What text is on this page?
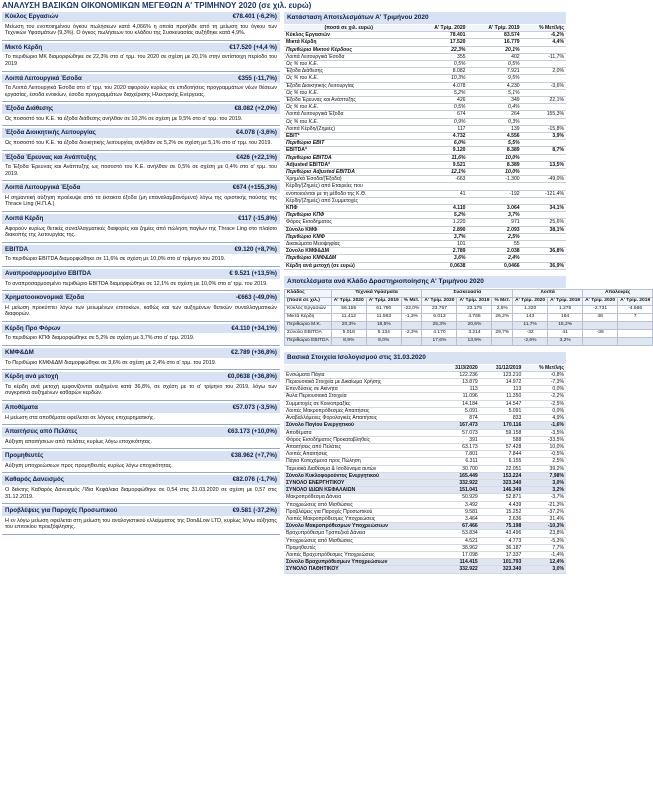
ΑΝΑΛΥΣΗ ΒΑΣΙΚΩΝ ΟΙΚΟΝΟΜΙΚΩΝ ΜΕΓΕΘΩΝ Α' ΤΡΙΜΗΝΟΥ 2020 (σε χιλ. ευρώ)
Κύκλος Εργασιών	€78.401 (-6,2%)
Μείωση του ενοποιημένου όγκου πωλήσεων κατά 4,066% η οποία προήλθε από τη μείωση του όγκου των Τεχνικών Υφασμάτων (9,3%). Ο όγκος πωλήσεων του κλάδου της Συσκευασίας αυξήθηκε κατά 4,9%.
Μικτό Κέρδη	€17.520 (+4,4 %)
Το περιθώριο ΜΚ διαμορφώθηκε σε 22,3% στο α' τρμ. του 2020 σε σχέση με 20,1% στην αντίστοιχη περίοδο του 2019
Λοιπά Λειτουργικά Έσοδα	€355 (-11,7%)
Τα Λοιπά Λειτουργικά Έσοδα στο α' τρμ. του 2020 αφορούν κυρίως σε επιδοτήσεις προγραμμάτων νέων θέσεων εργασίας, έσοδα ενοικίων, έσοδα προγραμμάτων διαχείρισης Ηλεκτρικής Ενέργειας.
Έξοδα Διάθεσης	€8.082 (+2,0%)
Ως ποσοστό του Κ.Ε. τα έξοδα διάθεσης ανήλθαν σε 10,3% σε σχέση με 9,5% στο α' τρμ. του 2019.
Έξοδα Διοικητικής Λειτουργίας	€4.078 (-3,6%)
Ως ποσοστό του Κ.Ε. τα έξοδα διοικητικής λειτουργίας ανήλθαν σε 5,2% σε σχέση με 5,1% στο α' τρμ. του 2019.
Έξοδα Έρευνας και Ανάπτυξης	€426 (+22,1%)
Τα Έξοδα Έρευνας και Ανάπτυξης ως ποσοστό του Κ.Ε. ανήλθαν σε 0,5% σε σχέση με 0,4% στο α' τρμ. του 2019.
Λοιπά Λειτουργικά Έξοδα	€674 (+155,3%)
Η σημαντική αύξηση προέκυψε από τα έκτακτα έξοδα (μη επαναλαμβανόμενα) λόγω της οριστικής παύσης της Thrace Ling (Η.Π.Α.)
Λοιπά Κέρδη	€117 (-15,8%)
Αφορούν κυρίως θετικές συναλλαγματικές διαφορές και ζημίες από πώληση παγίων της Thrace Ling στο πλαίσιο διακοπής της λειτουργίας της.
EBITDA	€9.120 (+8,7%)
Το περιθώριο EBITDA διαμορφώθηκε σε 11,6% σε σχέση με 10,0% στο α' τρίμηνο του 2019.
Αναπροσαρμοσμένο EBITDA	€ 9.521 (+13,5%)
Το αναπροσαρμοσμένο περιθώριο EBITDA διαμορφώθηκε σε 12,1% σε σχέση με 10,0% στο α' τρμ. του 2019.
Χρηματοοικονομικά Έξοδα	-€663 (-49,0%)
Η μείωση προκύπτει λόγω των μειωμένων επιτοκίων, καθώς και των αυξημένων θετικών συναλλαγματικών διαφορών.
Κέρδη Προ Φόρων	€4.110 (+34,1%)
Το περιθώριο ΚΠΦ διαμορφώθηκε σε 5,2% σε σχέση με 3,7% στο α' τρμ. 2019.
ΚΜΦ&ΔΜ	€2.789 (+36,8%)
Το Περιθώριο ΚΜΦ&ΔΜ διαμορφώθηκε σε 3,6% σε σχέση με 2,4% στο α' τρμ. του 2019.
Κέρδη ανά μετοχή	€0,0638 (+36,8%)
Τα κέρδη ανά μετοχή εμφανίζονται αυξημένα κατά 36,8%, σε σχέση με το α' τρίμηνο του 2019, λόγω των συγκριτικά αυξημένων καθαρών κερδών.
Αποθέματα	€57.073 (-3,5%)
Η μείωση στα αποθέματα οφείλεται σε λόγους επιχειρηματικής.
Απαιτήσεις από Πελάτες	€63.173 (+10,0%)
Αύξηση απαιτήσεων από πελάτες κυρίως λόγω εποχικότητας.
Προμηθευτές	€38.962 (+7,7%)
Αύξηση υποχρεώσεων προς προμηθευτές κυρίως λόγω εποχικότητας.
Καθαρός Δανεισμός	€82.076 (-1,7%)
Ο δείκτης Καθαρός Δανεισμός /Ίδια Κεφάλαια διαμορφώθηκε σε 0,54 στις 31.03.2020 σε σχέση με 0,57 στις 31.12.2019.
Προβλέψεις για Παροχές Προσωπικού	€9.581 (-37,2%)
Η εν λόγω μείωση οφείλεται στη μείωση του αναλογιστικού ελλείμματος της Don&Low LTD, κυρίως λόγω αύξησης του επιτοκίου προεξόφλησης.
Κατάσταση Αποτελεσμάτων Α' Τριμήνου 2020
(ποσά σε χιλ. ευρώ)	Α' Τρίμ. 2020	Α' Τρίμ. 2019	% Μετ/λής
Κύκλος Εργασιών	78.401	83.574	-6,2%
Μικτά Κέρδη	17.520	16.779	4,4%
Περιθώριο Μικτού Κέρδους	22,3%	20,1%	
Λοιπά Λειτουργικά Έσοδα	355	402	-11,7%
Ως % του Κ.Ε.	0,5%	0,5%	
Έξοδα Διάθεσης	8.082	7.921	2,0%
Ως % του Κ.Ε.	10,3%	9,5%	
Έξοδα Διοικητικής Λειτουργίας	4.078	4.230	-3,6%
Ως % του Κ.Ε.	5,2%	5,1%	
Έξοδα Έρευνας και Ανάπτυξης	426	349	22,1%
Ως % του Κ.Ε.	0,5%	0,4%	
Λοιπά Λειτουργικά Έξοδα	674	264	155,3%
Ως % του Κ.Ε.	0,9%	0,3%	
Λοιπά Κέρδη/(Ζημιές)	117	139	-15,8%
EBIT*	4.732	4.556	3,9%
Περιθώριο EBIT	6,0%	5,5%	
EBITDA*	9.120	8.389	8,7%
Περιθώριο EBITDA	11,6%	10,0%	
Adjusted EBITDA*	9.521	8.389	13,5%
Περιθώριο Adjusted EBITDA	12,1%	10,0%	
Χρημ/κά Έσοδα/(Έξοδα)	-663	-1.300	-49,0%
Κέρδη/(Ζημιές) από Εταιρείες που			
ενοποιούνται με τη μέθοδο της Κ.Θ.	41	-192	-121,4%
Κέρδη/(Ζημιές) από Συμμετοχές			
ΚΠΦ	4.110	3.064	34,1%
Περιθώριο ΚΠΦ	5,2%	3,7%	
Φόρος Εισοδήματος	1.220	971	25,6%
Σύνολο ΚΜΦ	2.890	2.093	38,1%
Περιθώριο ΚΜΦ	3,7%	2,5%	
Δικαιώματα Μειοψηφίας	101	55	
Σύνολο ΚΜΦ&ΔΜ	2.789	2.038	36,8%
Περιθώριο ΚΜΦ&ΔΜ	3,6%	2,4%	
Κέρδη ανά μετοχή (σε ευρώ)	0,0638	0,0466	36,9%
Αποτελέσματα ανά Κλάδο Δραστηριοποίησης Α' Τριμήνου 2020
Κλάδος	Τεχνικά Υφάσματα			Συσκευασία			Λοιπά		Απαλοιφές	
(ποσά σε χιλ.)	Α' Τρίμ. 2020	Α' Τρίμ. 2019	% Μετ.	Α' Τρίμ. 2020	Α' Τρίμ. 2019	% Μετ.	Α' Τρίμ. 2020	Α' Τρίμ. 2019	Α' Τρίμ. 2020	Α' Τρίμ. 2019
Κύκλος Εργασιών	56.155	61.790	-22,0%	23.757	23.175	2,5%	1.220	1.275	-2.731	-4.666
Μικτά Κέρδη	11.412	11.563	-1,3%	6.013	4.765	26,2%	143	194	48	7
Περιθώριο Μ.Κ.	20,3%	18,5%		25,3%	20,6%		11,7%	15,2%		
Σύνολο EBITDA	5.018	5.134	-2,3%	4.170	3.214	29,7%	-32	41	-36	
Περιθώριο EBITDA	8,9%	8,0%		17,6%	13,9%		-2,6%	3,2%		
Βασικά Στοιχεία Ισολογισμού στις 31.03.2020
	31/3/2020	31/12/2019	% Μετ/λής
Ενσώματα Πάγια	122.236	123.210	-0,8%
Περιουσιακά Στοιχεία με Δικαίωμα Χρήσης	13.879	14.972	-7,3%
Επενδύσεις σε Ακίνητα	113	113	0,0%
Άυλα Περιουσιακά Στοιχεία	11.096	11.350	-2,2%
Συμμετοχές σε Κοινοπραξίες	14.184	14.547	-2,5%
Λοιπές Μακροπρόθεσμες Απαιτήσεις	5.091	5.091	0,0%
Αναβαλλόμενες Φορολογικές Απαιτήσεις	874	833	4,9%
Σύνολο Παγίου Ενεργητικού	167.473	170.116	-1,6%
Αποθέματα	57.073	59.158	-3,5%
Φόρος Εισοδήματος Προκαταβληθείς	391	588	-33,5%
Απαιτήσεις από Πελάτες	63.173	57.428	10,0%
Λοιπές Απαιτήσεις	7.801	7.844	-0,5%
Πάγια Κατεχόμενα προς Πώληση	6.311	6.155	2,5%
Ταμειακά Διαθέσιμα & Ισοδύναμα αυτών	30.700	22.051	39,2%
Σύνολο Κυκλοφορούντος Ενεργητικού	165.449	153.224	7,98%
ΣΥΝΟΛΟ ΕΝΕΡΓΗΤΙΚΟΥ	332.922	323.340	3,0%
ΣΥΝΟΛΟ ΙΔΙΩΝ ΚΕΦΑΛΑΙΩΝ	151.041	146.349	3,2%
Μακροπρόθεσμα Δάνεια	50.929	52.871	-3,7%
Υποχρεώσεις από Μισθώσεις	3.492	4.439	-21,3%
Προβλέψεις για Παροχές Προσωπικού	9.581	15.252	-37,2%
Λοιπές Μακροπρόθεσμες Υποχρεώσεις	3.464	2.636	31,4%
Σύνολο Μακροπρόθεσμων Υποχρεώσεων	67.466	75.198	-10,3%
Βραχυπρόθεσμα Τραπεζικά Δάνεια	53.834	43.496	23,8%
Υποχρεώσεις από Μισθώσεις	4.521	4.773	-5,3%
Προμηθευτές	38.962	36.187	7,7%
Λοιπές Βραχυπρόθεσμες Υποχρεώσεις	17.098	17.337	-1,4%
Σύνολο Βραχυπρόθεσμων Υποχρεώσεων	114.415	101.793	12,4%
ΣΥΝΟΛΟ ΠΑΘΗΤΙΚΟΥ	332.922	323.340	3,0%
